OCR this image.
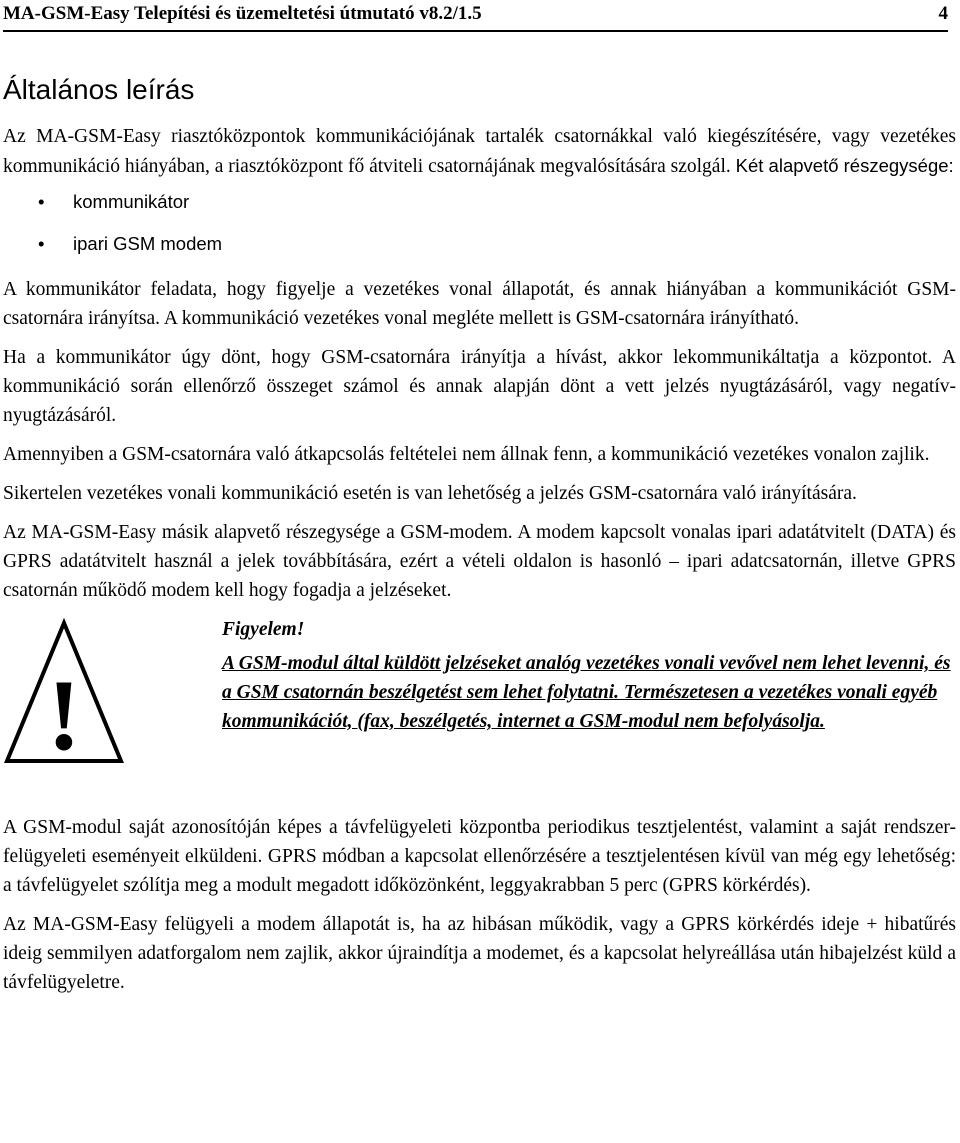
MA-GSM-Easy Telepítési és üzemeltetési útmutató v8.2/1.5	4
Általános leírás

Az MA-GSM-Easy riasztóközpontok kommunikációjának tartalék csatornákkal való kiegészítésére, vagy vezetékes kommunikáció hiányában, a riasztóközpont fő átviteli csatornájának megvalósítására szolgál. Két alapvető részegysége:

• kommunikátor
• ipari GSM modem

A kommunikátor feladata, hogy figyelje a vezetékes vonal állapotát, és annak hiányában a kommunikációt GSM-csatornára irányítsa. A kommunikáció vezetékes vonal megléte mellett is GSM-csatornára irányítható.

Ha a kommunikátor úgy dönt, hogy GSM-csatornára irányítja a hívást, akkor lekommunikáltatja a központot. A kommunikáció során ellenőrző összeget számol és annak alapján dönt a vett jelzés nyugtázásáról, vagy negatív-nyugtázásáról.

Amennyiben a GSM-csatornára való átkapcsolás feltételei nem állnak fenn, a kommunikáció vezetékes vonalon zajlik.

Sikertelen vezetékes vonali kommunikáció esetén is van lehetőség a jelzés GSM-csatornára való irányítására.

Az MA-GSM-Easy másik alapvető részegysége a GSM-modem. A modem kapcsolt vonalas ipari adatátvitelt (DATA) és GPRS adatátvitelt használ a jelek továbbítására, ezért a vételi oldalon is hasonló – ipari adatcsatornán, illetve GPRS csatornán működő modem kell hogy fogadja a jelzéseket.

!
Figyelem!
A GSM-modul által küldött jelzéseket analóg vezetékes vonali vevővel nem lehet levenni, és a GSM csatornán beszélgetést sem lehet folytatni. Természetesen a vezetékes vonali egyéb kommunikációt, (fax, beszélgetés, internet a GSM-modul nem befolyásolja.

A GSM-modul saját azonosítóján képes a távfelügyeleti központba periodikus tesztjelentést, valamint a saját rendszer-felügyeleti eseményeit elküldeni. GPRS módban a kapcsolat ellenőrzésére a tesztjelentésen kívül van még egy lehetőség: a távfelügyelet szólítja meg a modult megadott időközönként, leggyakrabban 5 perc (GPRS körkérdés).

Az MA-GSM-Easy felügyeli a modem állapotát is, ha az hibásan működik, vagy a GPRS körkérdés ideje + hibatűrés ideig semmilyen adatforgalom nem zajlik, akkor újraindítja a modemet, és a kapcsolat helyreállása után hibajelzést küld a távfelügyeletre.
